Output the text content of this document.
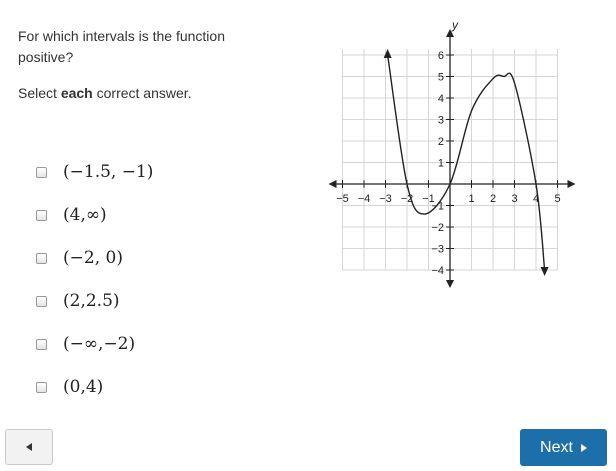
For which intervals is the function positive?
Select each correct answer.
(−1.5, −1)
(4,∞)
(−2, 0)
(2,2.5)
(−∞,−2)
(0,4)
y
−5 −4 −3 −2 −1	1 2 3 4 5
6
5
4
3
2
1
−1
−2
−3
−4
Next
